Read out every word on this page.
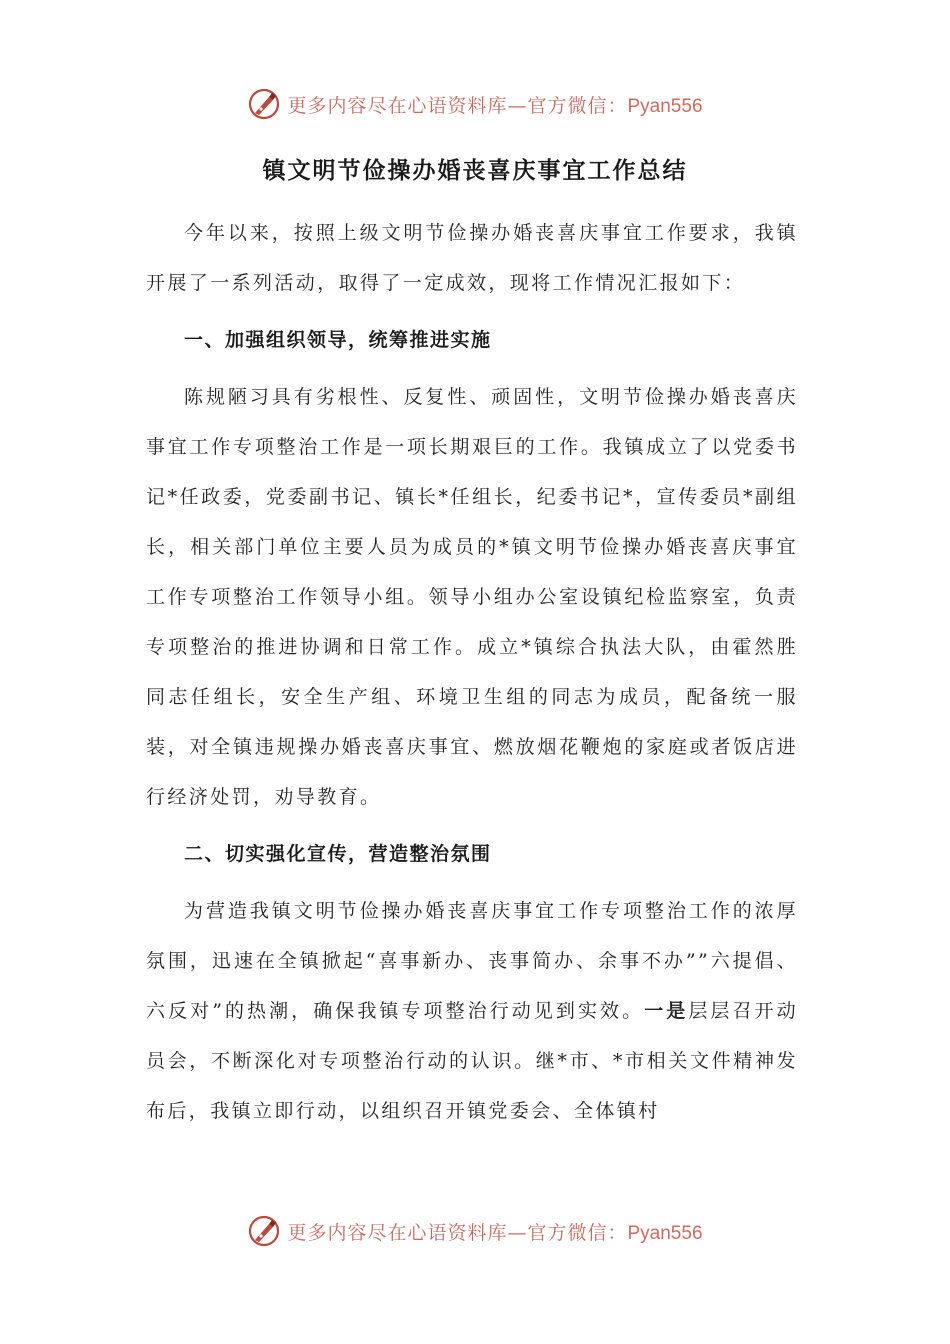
更多内容尽在心语资料库—官方微信：Pyan556
镇文明节俭操办婚丧喜庆事宜工作总结

今年以来，按照上级文明节俭操办婚丧喜庆事宜工作要求，我镇开展了一系列活动，取得了一定成效，现将工作情况汇报如下：

一、加强组织领导，统筹推进实施

陈规陋习具有劣根性、反复性、顽固性，文明节俭操办婚丧喜庆事宜工作专项整治工作是一项长期艰巨的工作。我镇成立了以党委书记*任政委，党委副书记、镇长*任组长，纪委书记*，宣传委员*副组长，相关部门单位主要人员为成员的*镇文明节俭操办婚丧喜庆事宜工作专项整治工作领导小组。领导小组办公室设镇纪检监察室，负责专项整治的推进协调和日常工作。成立*镇综合执法大队，由霍然胜同志任组长，安全生产组、环境卫生组的同志为成员，配备统一服装，对全镇违规操办婚丧喜庆事宜、燃放烟花鞭炮的家庭或者饭店进行经济处罚，劝导教育。

二、切实强化宣传，营造整治氛围

为营造我镇文明节俭操办婚丧喜庆事宜工作专项整治工作的浓厚氛围，迅速在全镇掀起“喜事新办、丧事简办、余事不办””六提倡、六反对”的热潮，确保我镇专项整治行动见到实效。一是层层召开动员会，不断深化对专项整治行动的认识。继*市、*市相关文件精神发布后，我镇立即行动，以组织召开镇党委会、全体镇村

更多内容尽在心语资料库—官方微信：Pyan556
